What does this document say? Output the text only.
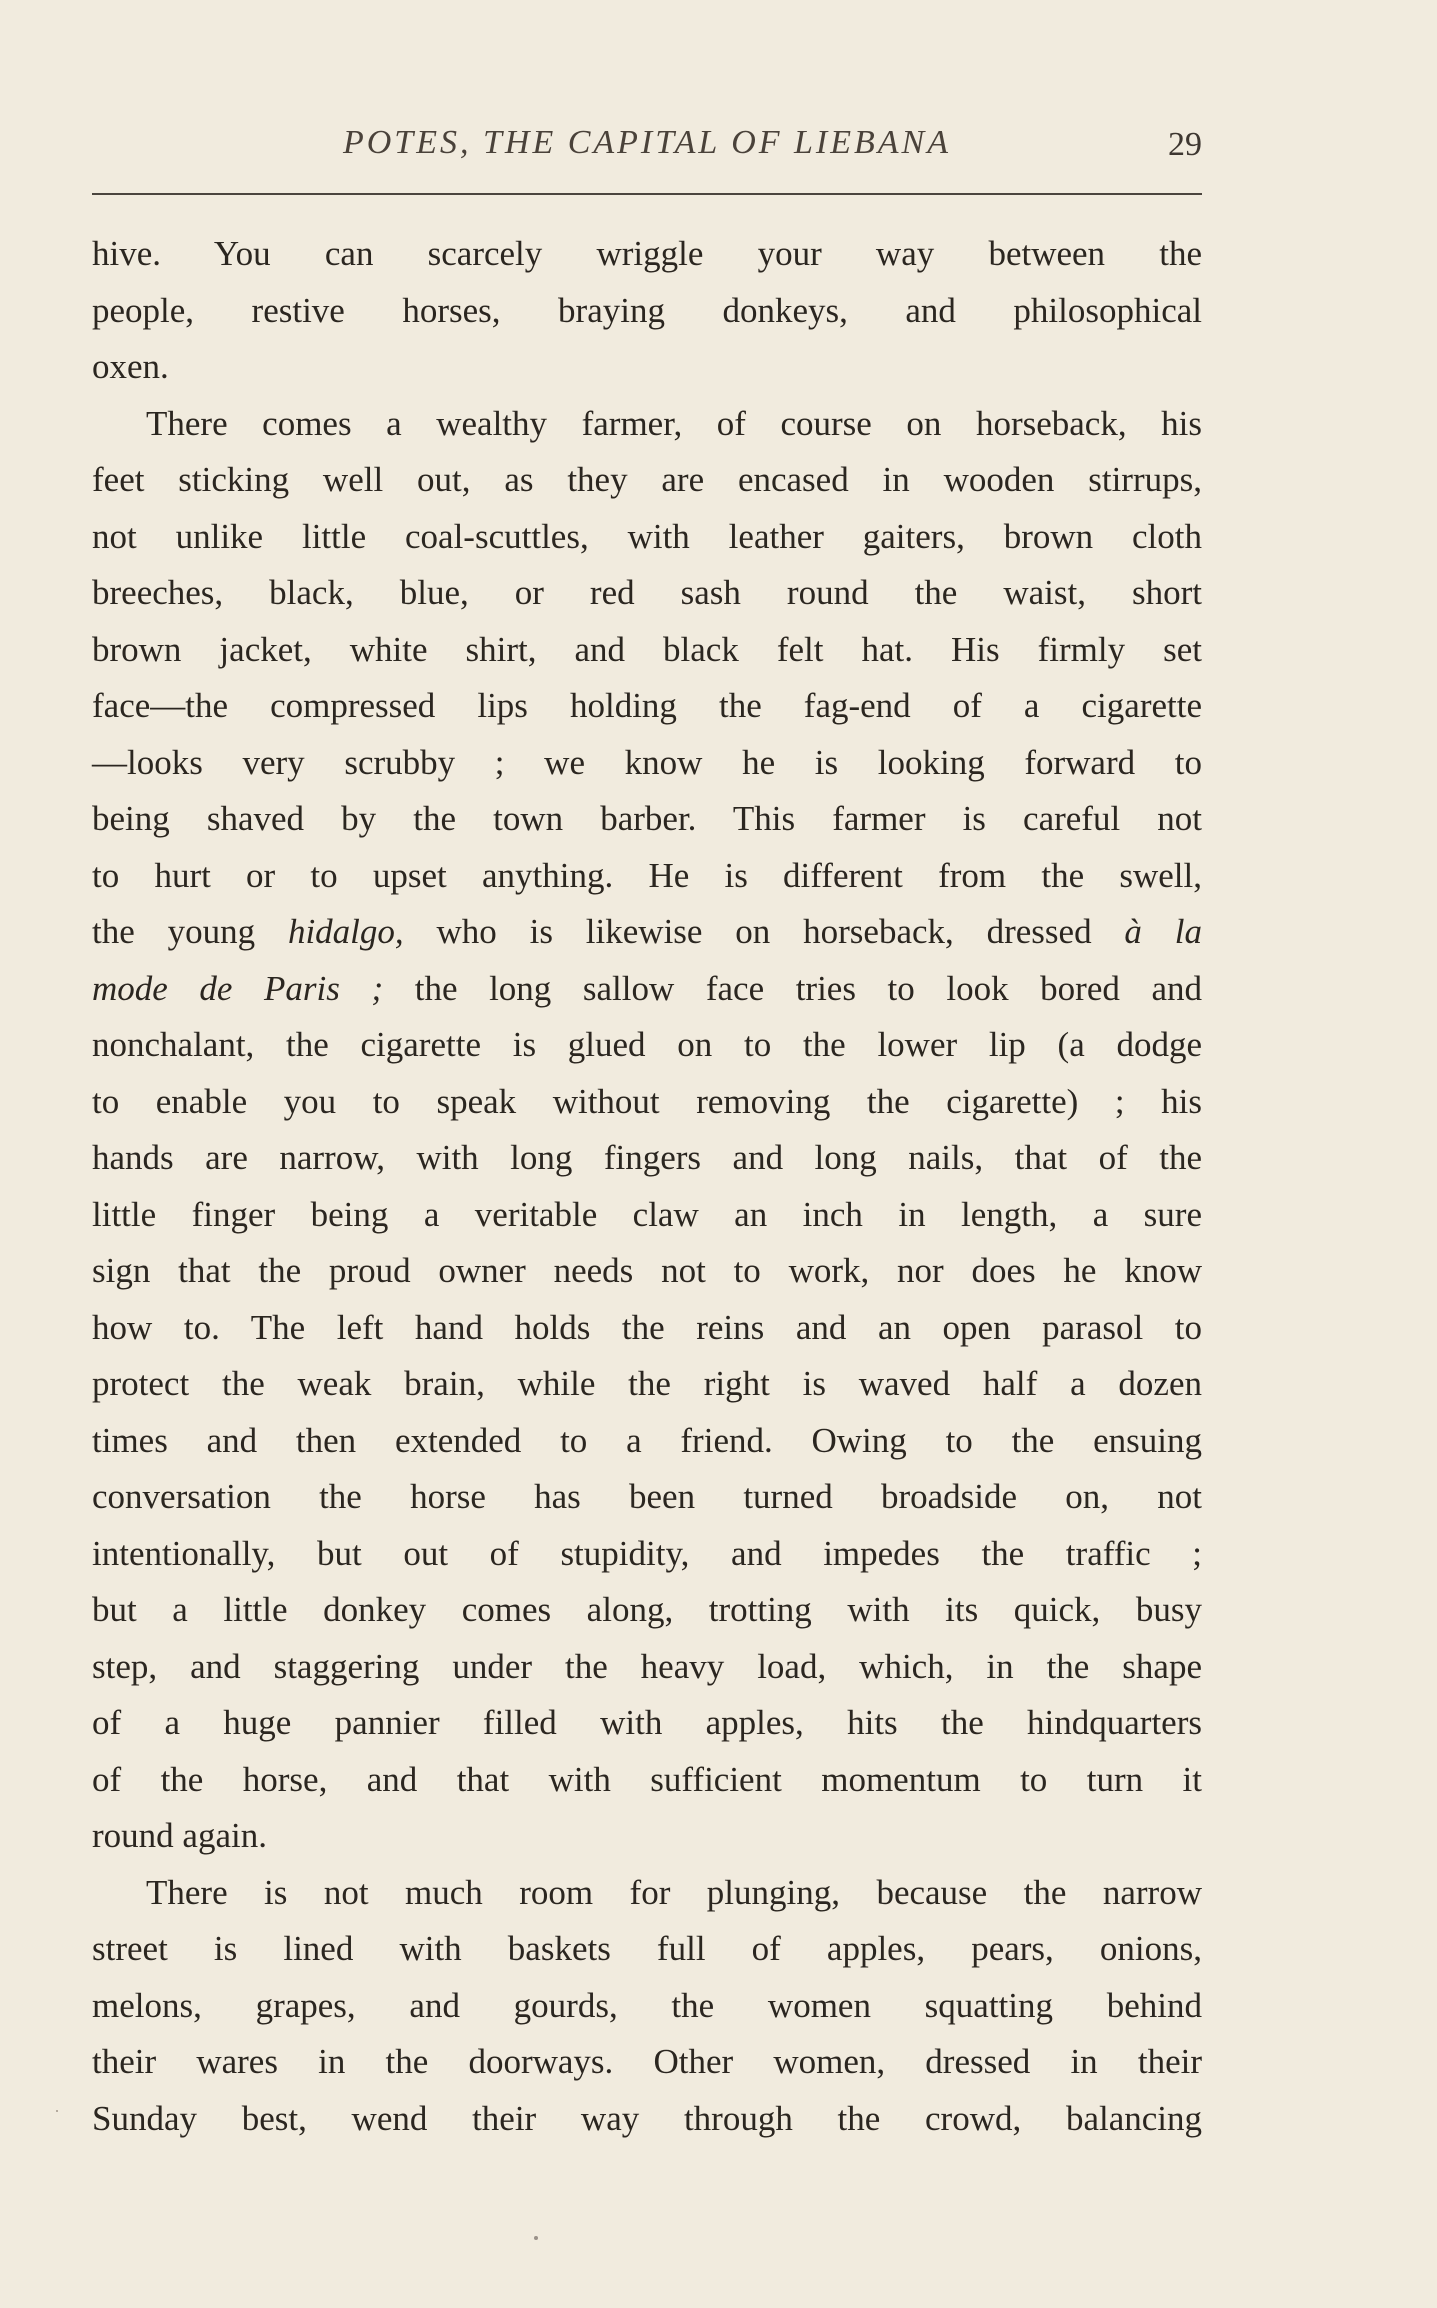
POTES, THE CAPITAL OF LIEBANA	29
hive. You can scarcely wriggle your way between the
people, restive horses, braying donkeys, and philosophical
oxen.
There comes a wealthy farmer, of course on horseback, his
feet sticking well out, as they are encased in wooden stirrups,
not unlike little coal-scuttles, with leather gaiters, brown cloth
breeches, black, blue, or red sash round the waist, short
brown jacket, white shirt, and black felt hat. His firmly set
face—the compressed lips holding the fag-end of a cigarette
—looks very scrubby ; we know he is looking forward to
being shaved by the town barber. This farmer is careful not
to hurt or to upset anything. He is different from the swell,
the young hidalgo, who is likewise on horseback, dressed à la
mode de Paris ; the long sallow face tries to look bored and
nonchalant, the cigarette is glued on to the lower lip (a dodge
to enable you to speak without removing the cigarette) ; his
hands are narrow, with long fingers and long nails, that of the
little finger being a veritable claw an inch in length, a sure
sign that the proud owner needs not to work, nor does he know
how to. The left hand holds the reins and an open parasol to
protect the weak brain, while the right is waved half a dozen
times and then extended to a friend. Owing to the ensuing
conversation the horse has been turned broadside on, not
intentionally, but out of stupidity, and impedes the traffic ;
but a little donkey comes along, trotting with its quick, busy
step, and staggering under the heavy load, which, in the shape
of a huge pannier filled with apples, hits the hindquarters
of the horse, and that with sufficient momentum to turn it
round again.
There is not much room for plunging, because the narrow
street is lined with baskets full of apples, pears, onions,
melons, grapes, and gourds, the women squatting behind
their wares in the doorways. Other women, dressed in their
Sunday best, wend their way through the crowd, balancing
